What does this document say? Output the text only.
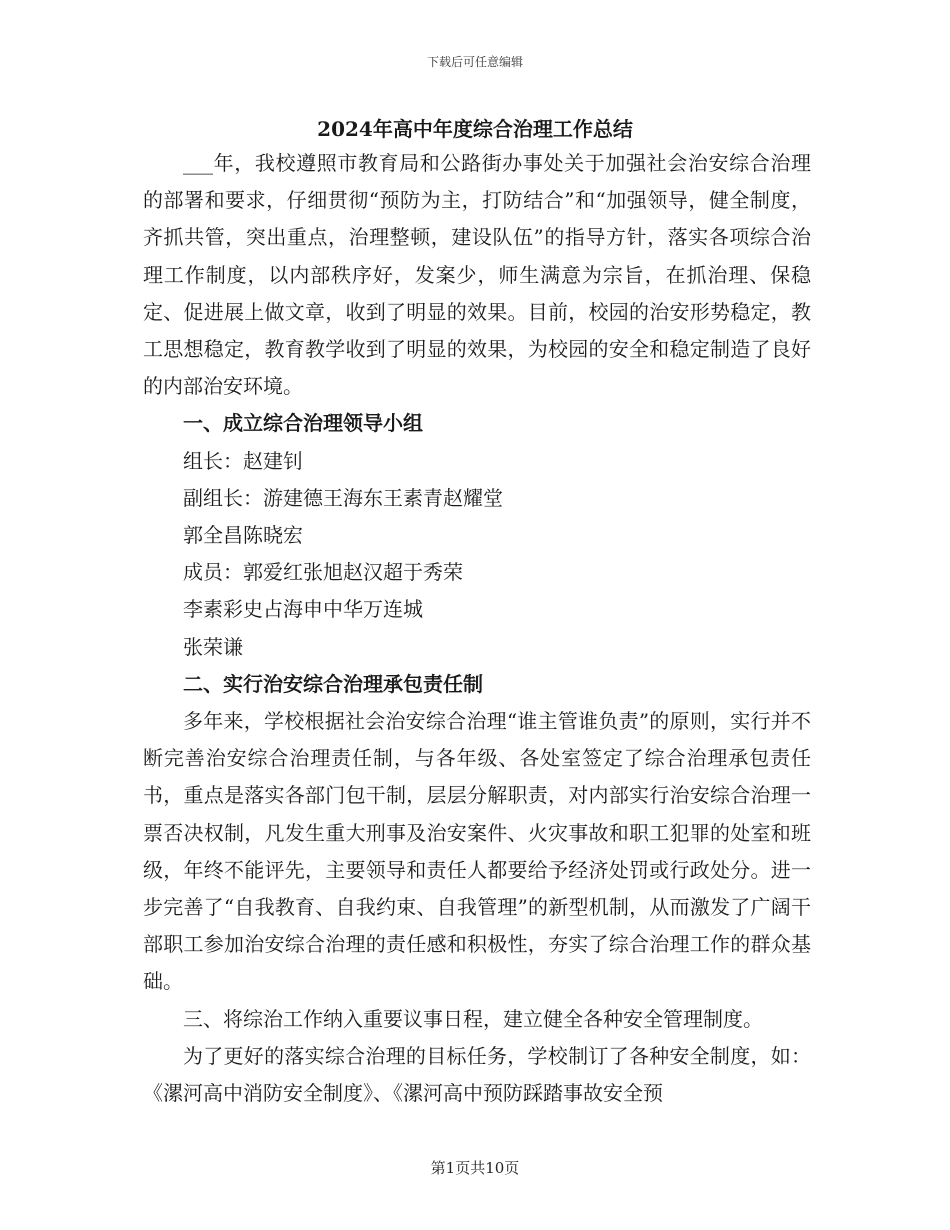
下载后可任意编辑
2024年高中年度综合治理工作总结

___年，我校遵照市教育局和公路街办事处关于加强社会治安综合治理的部署和要求，仔细贯彻“预防为主，打防结合”和“加强领导，健全制度，齐抓共管，突出重点，治理整顿，建设队伍”的指导方针，落实各项综合治理工作制度，以内部秩序好，发案少，师生满意为宗旨，在抓治理、保稳定、促进展上做文章，收到了明显的效果。目前，校园的治安形势稳定，教工思想稳定，教育教学收到了明显的效果，为校园的安全和稳定制造了良好的内部治安环境。

一、成立综合治理领导小组

组长：赵建钊

副组长：游建德王海东王素青赵耀堂

郭全昌陈晓宏

成员：郭爱红张旭赵汉超于秀荣

李素彩史占海申中华万连城

张荣谦

二、实行治安综合治理承包责任制

多年来，学校根据社会治安综合治理“谁主管谁负责”的原则，实行并不断完善治安综合治理责任制，与各年级、各处室签定了综合治理承包责任书，重点是落实各部门包干制，层层分解职责，对内部实行治安综合治理一票否决权制，凡发生重大刑事及治安案件、火灾事故和职工犯罪的处室和班级，年终不能评先，主要领导和责任人都要给予经济处罚或行政处分。进一步完善了“自我教育、自我约束、自我管理”的新型机制，从而激发了广阔干部职工参加治安综合治理的责任感和积极性，夯实了综合治理工作的群众基础。

三、将综治工作纳入重要议事日程，建立健全各种安全管理制度。

为了更好的落实综合治理的目标任务，学校制订了各种安全制度，如：《漯河高中消防安全制度》、《漯河高中预防踩踏事故安全预

第1页共10页
